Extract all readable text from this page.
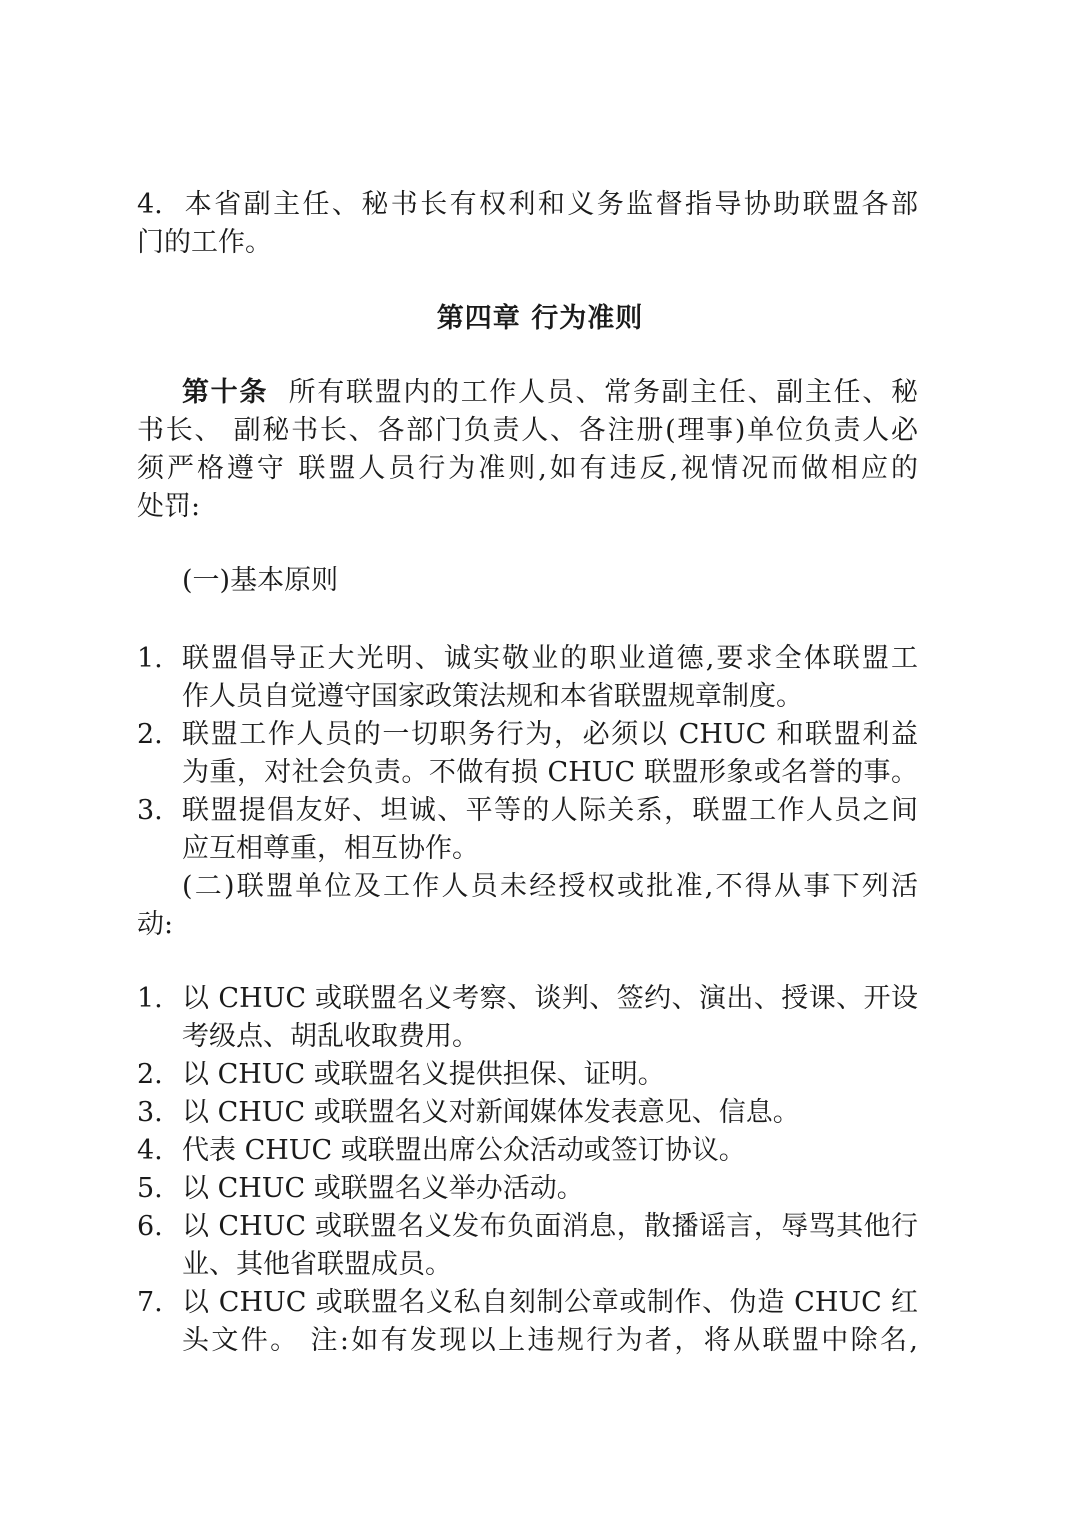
4. 本省副主任、秘书长有权利和义务监督指导协助联盟各部
门的工作。
第四章 行为准则
第十条 所有联盟内的工作人员、常务副主任、副主任、秘
书长、 副秘书长、各部门负责人、各注册(理事)单位负责人必
须严格遵守 联盟人员行为准则,如有违反,视情况而做相应的
处罚:
(一)基本原则
1. 联盟倡导正大光明、诚实敬业的职业道德,要求全体联盟工
作人员自觉遵守国家政策法规和本省联盟规章制度。
2. 联盟工作人员的一切职务行为，必须以 CHUC 和联盟利益
为重，对社会负责。不做有损 CHUC 联盟形象或名誉的事。
3. 联盟提倡友好、坦诚、平等的人际关系，联盟工作人员之间
应互相尊重，相互协作。
(二)联盟单位及工作人员未经授权或批准,不得从事下列活
动:
1. 以 CHUC 或联盟名义考察、谈判、签约、演出、授课、开设
考级点、胡乱收取费用。
2. 以 CHUC 或联盟名义提供担保、证明。
3. 以 CHUC 或联盟名义对新闻媒体发表意见、信息。
4. 代表 CHUC 或联盟出席公众活动或签订协议。
5. 以 CHUC 或联盟名义举办活动。
6. 以 CHUC 或联盟名义发布负面消息，散播谣言，辱骂其他行
业、其他省联盟成员。
7. 以 CHUC 或联盟名义私自刻制公章或制作、伪造 CHUC 红
头文件。 注:如有发现以上违规行为者，将从联盟中除名,
